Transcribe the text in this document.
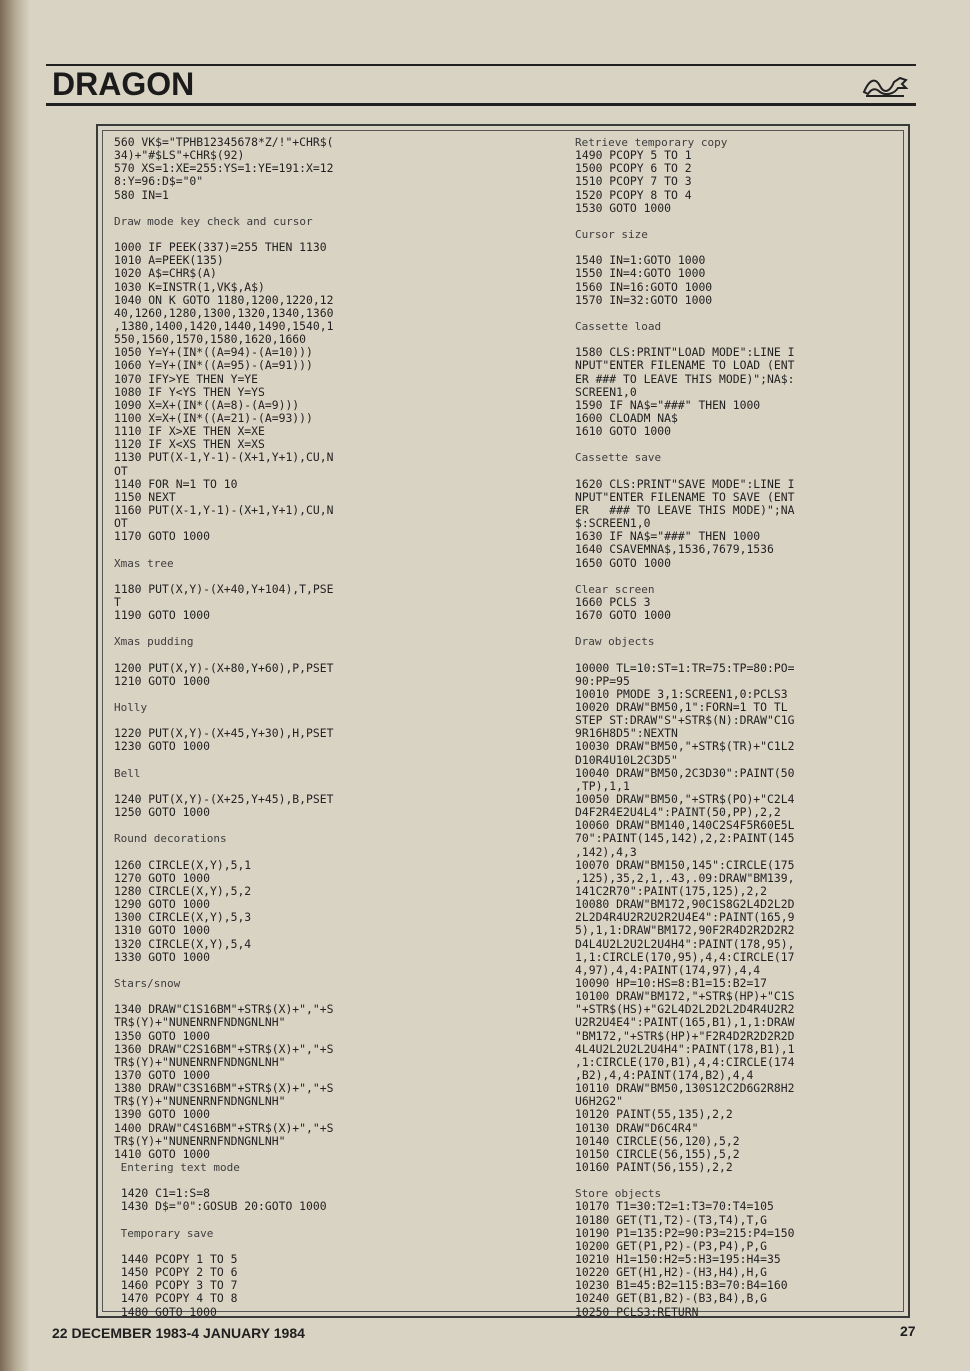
DRAGON
560 VK$="TPHB12345678*Z/!"+CHR$(
34)+"#$LS"+CHR$(92)
570 XS=1:XE=255:YS=1:YE=191:X=12
8:Y=96:D$="0"
580 IN=1
Draw mode key check and cursor
1000 IF PEEK(337)=255 THEN 1130
1010 A=PEEK(135)
1020 A$=CHR$(A)
1030 K=INSTR(1,VK$,A$)
1040 ON K GOTO 1180,1200,1220,12
40,1260,1280,1300,1320,1340,1360
,1380,1400,1420,1440,1490,1540,1
550,1560,1570,1580,1620,1660
1050 Y=Y+(IN*((A=94)-(A=10)))
1060 Y=Y+(IN*((A=95)-(A=91)))
1070 IFY>YE THEN Y=YE
1080 IF Y<YS THEN Y=YS
1090 X=X+(IN*((A=8)-(A=9)))
1100 X=X+(IN*((A=21)-(A=93)))
1110 IF X>XE THEN X=XE
1120 IF X<XS THEN X=XS
1130 PUT(X-1,Y-1)-(X+1,Y+1),CU,N
OT
1140 FOR N=1 TO 10
1150 NEXT
1160 PUT(X-1,Y-1)-(X+1,Y+1),CU,N
OT
1170 GOTO 1000
Xmas tree
1180 PUT(X,Y)-(X+40,Y+104),T,PSE
T
1190 GOTO 1000
Xmas pudding
1200 PUT(X,Y)-(X+80,Y+60),P,PSET
1210 GOTO 1000
Holly
1220 PUT(X,Y)-(X+45,Y+30),H,PSET
1230 GOTO 1000
Bell
1240 PUT(X,Y)-(X+25,Y+45),B,PSET
1250 GOTO 1000
Round decorations
1260 CIRCLE(X,Y),5,1
1270 GOTO 1000
1280 CIRCLE(X,Y),5,2
1290 GOTO 1000
1300 CIRCLE(X,Y),5,3
1310 GOTO 1000
1320 CIRCLE(X,Y),5,4
1330 GOTO 1000
Stars/snow
1340 DRAW"C1S16BM"+STR$(X)+","+S
TR$(Y)+"NUNENRNFNDNGNLNH"
1350 GOTO 1000
1360 DRAW"C2S16BM"+STR$(X)+","+S
TR$(Y)+"NUNENRNFNDNGNLNH"
1370 GOTO 1000
1380 DRAW"C3S16BM"+STR$(X)+","+S
TR$(Y)+"NUNENRNFNDNGNLNH"
1390 GOTO 1000
1400 DRAW"C4S16BM"+STR$(X)+","+S
TR$(Y)+"NUNENRNFNDNGNLNH"
1410 GOTO 1000
Entering text mode
1420 C1=1:S=8
1430 D$="0":GOSUB 20:GOTO 1000
Temporary save
1440 PCOPY 1 TO 5
1450 PCOPY 2 TO 6
1460 PCOPY 3 TO 7
1470 PCOPY 4 TO 8
1480 GOTO 1000
Retrieve temporary copy
1490 PCOPY 5 TO 1
1500 PCOPY 6 TO 2
1510 PCOPY 7 TO 3
1520 PCOPY 8 TO 4
1530 GOTO 1000
Cursor size
1540 IN=1:GOTO 1000
1550 IN=4:GOTO 1000
1560 IN=16:GOTO 1000
1570 IN=32:GOTO 1000
Cassette load
1580 CLS:PRINT"LOAD MODE":LINE I
NPUT"ENTER FILENAME TO LOAD (ENT
ER ### TO LEAVE THIS MODE)";NA$:
SCREEN1,0
1590 IF NA$="###" THEN 1000
1600 CLOADM NA$
1610 GOTO 1000
Cassette save
1620 CLS:PRINT"SAVE MODE":LINE I
NPUT"ENTER FILENAME TO SAVE (ENT
ER   ### TO LEAVE THIS MODE)";NA
$:SCREEN1,0
1630 IF NA$="###" THEN 1000
1640 CSAVEMNA$,1536,7679,1536
1650 GOTO 1000
Clear screen
1660 PCLS 3
1670 GOTO 1000
Draw objects
10000 TL=10:ST=1:TR=75:TP=80:PO=
90:PP=95
10010 PMODE 3,1:SCREEN1,0:PCLS3
10020 DRAW"BM50,1":FORN=1 TO TL
STEP ST:DRAW"S"+STR$(N):DRAW"C1G
9R16H8D5":NEXTN
10030 DRAW"BM50,"+STR$(TR)+"C1L2
D10R4U10L2C3D5"
10040 DRAW"BM50,2C3D30":PAINT(50
,TP),1,1
10050 DRAW"BM50,"+STR$(PO)+"C2L4
D4F2R4E2U4L4":PAINT(50,PP),2,2
10060 DRAW"BM140,140C2S4F5R60E5L
70":PAINT(145,142),2,2:PAINT(145
,142),4,3
10070 DRAW"BM150,145":CIRCLE(175
,125),35,2,1,.43,.09:DRAW"BM139,
141C2R70":PAINT(175,125),2,2
10080 DRAW"BM172,90C1S8G2L4D2L2D
2L2D4R4U2R2U2R2U4E4":PAINT(165,9
5),1,1:DRAW"BM172,90F2R4D2R2D2R2
D4L4U2L2U2L2U4H4":PAINT(178,95),
1,1:CIRCLE(170,95),4,4:CIRCLE(17
4,97),4,4:PAINT(174,97),4,4
10090 HP=10:HS=8:B1=15:B2=17
10100 DRAW"BM172,"+STR$(HP)+"C1S
"+STR$(HS)+"G2L4D2L2D2L2D4R4U2R2
U2R2U4E4":PAINT(165,B1),1,1:DRAW
"BM172,"+STR$(HP)+"F2R4D2R2D2R2D
4L4U2L2U2L2U4H4":PAINT(178,B1),1
,1:CIRCLE(170,B1),4,4:CIRCLE(174
,B2),4,4:PAINT(174,B2),4,4
10110 DRAW"BM50,130S12C2D6G2R8H2
U6H2G2"
10120 PAINT(55,135),2,2
10130 DRAW"D6C4R4"
10140 CIRCLE(56,120),5,2
10150 CIRCLE(56,155),5,2
10160 PAINT(56,155),2,2
Store objects
10170 T1=30:T2=1:T3=70:T4=105
10180 GET(T1,T2)-(T3,T4),T,G
10190 P1=135:P2=90:P3=215:P4=150
10200 GET(P1,P2)-(P3,P4),P,G
10210 H1=150:H2=5:H3=195:H4=35
10220 GET(H1,H2)-(H3,H4),H,G
10230 B1=45:B2=115:B3=70:B4=160
10240 GET(B1,B2)-(B3,B4),B,G
10250 PCLS3:RETURN
22 DECEMBER 1983-4 JANUARY 1984	27
